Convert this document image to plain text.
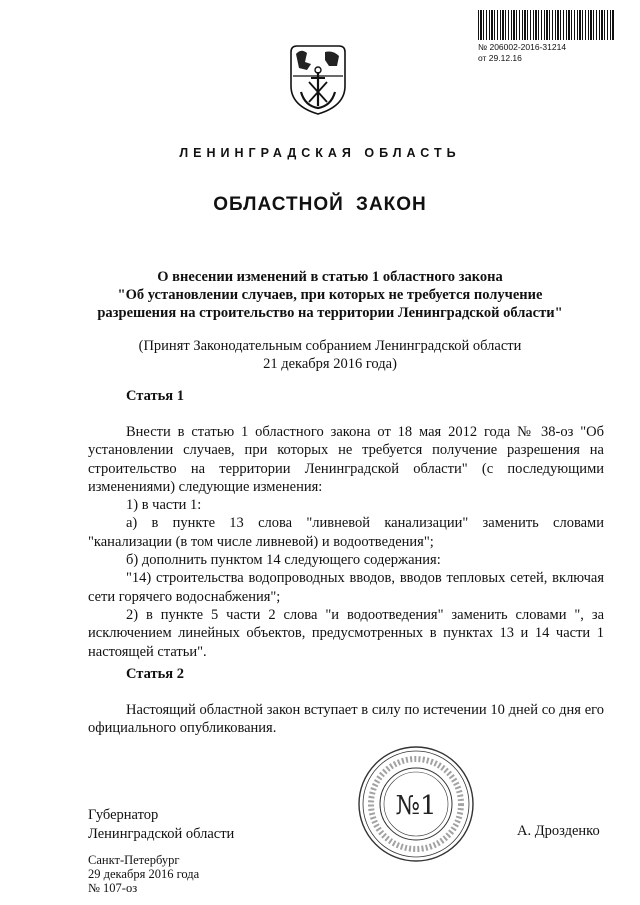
№ 206002-2016-31214
от 29.12.16
ЛЕНИНГРАДСКАЯ ОБЛАСТЬ
ОБЛАСТНОЙ ЗАКОН
О внесении изменений в статью 1 областного закона
"Об установлении случаев, при которых не требуется получение
разрешения на строительство на территории Ленинградской области"
(Принят Законодательным собранием Ленинградской области
21 декабря 2016 года)
Статья 1

Внести в статью 1 областного закона от 18 мая 2012 года № 38-оз "Об установлении случаев, при которых не требуется получение разрешения на строительство на территории Ленинградской области" (с последующими изменениями) следующие изменения:

1) в части 1:

а) в пункте 13 слова "ливневой канализации" заменить словами "канализации (в том числе ливневой) и водоотведения";

б) дополнить пунктом 14 следующего содержания:

"14) строительства водопроводных вводов, вводов тепловых сетей, включая сети горячего водоснабжения";

2) в пункте 5 части 2 слова "и водоотведения" заменить словами ", за исключением линейных объектов, предусмотренных в пунктах 13 и 14 части 1 настоящей статьи".

Статья 2

Настоящий областной закон вступает в силу по истечении 10 дней со дня его официального опубликования.

Губернатор
Ленинградской области
№1
А. Дрозденко
Санкт-Петербург
29 декабря 2016 года
№ 107-оз
